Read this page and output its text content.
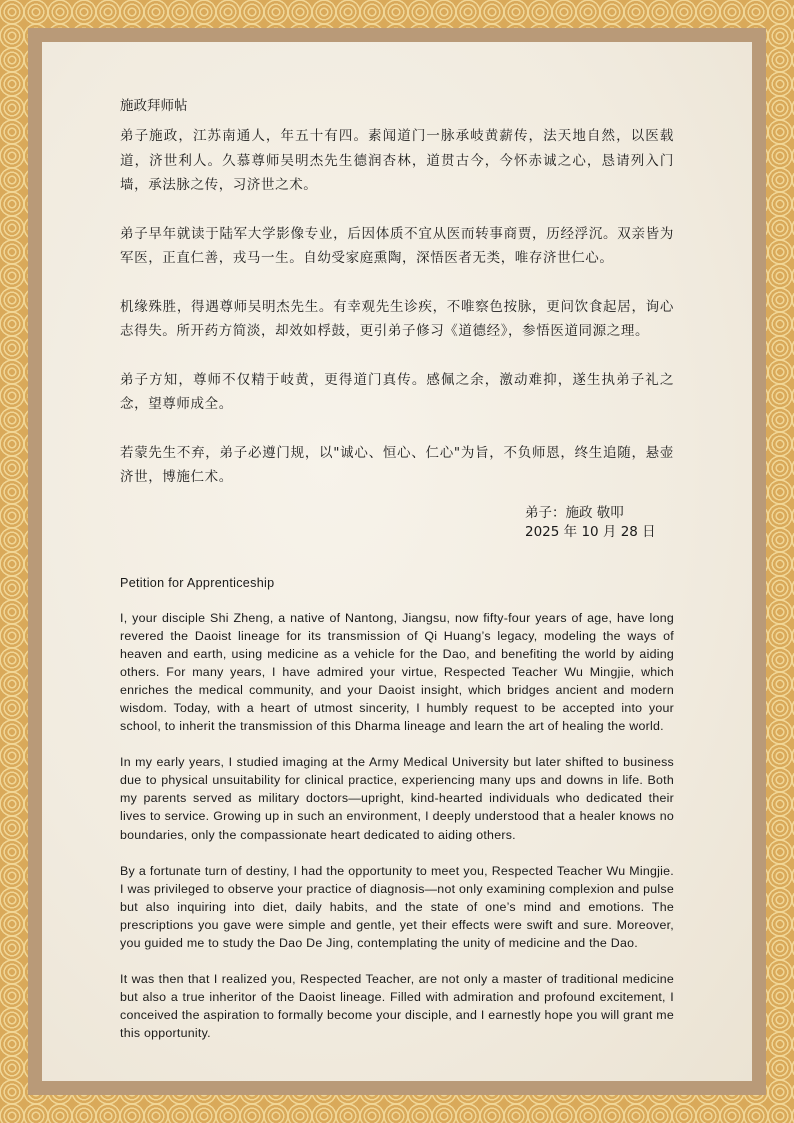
施政拜师帖

弟子施政，江苏南通人，年五十有四。素闻道门一脉承岐黄薪传，法天地自然，以医载道，济世利人。久慕尊师吴明杰先生德润杏林，道贯古今，今怀赤诚之心，恳请列入门墙，承法脉之传，习济世之术。

弟子早年就读于陆军大学影像专业，后因体质不宜从医而转事商贾，历经浮沉。双亲皆为军医，正直仁善，戎马一生。自幼受家庭熏陶，深悟医者无类，唯存济世仁心。

机缘殊胜，得遇尊师吴明杰先生。有幸观先生诊疾，不唯察色按脉，更问饮食起居，询心志得失。所开药方简淡，却效如桴鼓，更引弟子修习《道德经》，参悟医道同源之理。

弟子方知，尊师不仅精于岐黄，更得道门真传。感佩之余，激动难抑，遂生执弟子礼之念，望尊师成全。

若蒙先生不弃，弟子必遵门规，以"诚心、恒心、仁心"为旨，不负师恩，终生追随，悬壶济世，博施仁术。

弟子：施政 敬叩
2025 年 10 月 28 日
Petition for Apprenticeship

I, your disciple Shi Zheng, a native of Nantong, Jiangsu, now fifty-four years of age, have long revered the Daoist lineage for its transmission of Qi Huang’s legacy, modeling the ways of heaven and earth, using medicine as a vehicle for the Dao, and benefiting the world by aiding others. For many years, I have admired your virtue, Respected Teacher Wu Mingjie, which enriches the medical community, and your Daoist insight, which bridges ancient and modern wisdom. Today, with a heart of utmost sincerity, I humbly request to be accepted into your school, to inherit the transmission of this Dharma lineage and learn the art of healing the world.

In my early years, I studied imaging at the Army Medical University but later shifted to business due to physical unsuitability for clinical practice, experiencing many ups and downs in life. Both my parents served as military doctors—upright, kind-hearted individuals who dedicated their lives to service. Growing up in such an environment, I deeply understood that a healer knows no boundaries, only the compassionate heart dedicated to aiding others.

By a fortunate turn of destiny, I had the opportunity to meet you, Respected Teacher Wu Mingjie. I was privileged to observe your practice of diagnosis—not only examining complexion and pulse but also inquiring into diet, daily habits, and the state of one’s mind and emotions. The prescriptions you gave were simple and gentle, yet their effects were swift and sure. Moreover, you guided me to study the Dao De Jing, contemplating the unity of medicine and the Dao.

It was then that I realized you, Respected Teacher, are not only a master of traditional medicine but also a true inheritor of the Daoist lineage. Filled with admiration and profound excitement, I conceived the aspiration to formally become your disciple, and I earnestly hope you will grant me this opportunity.
